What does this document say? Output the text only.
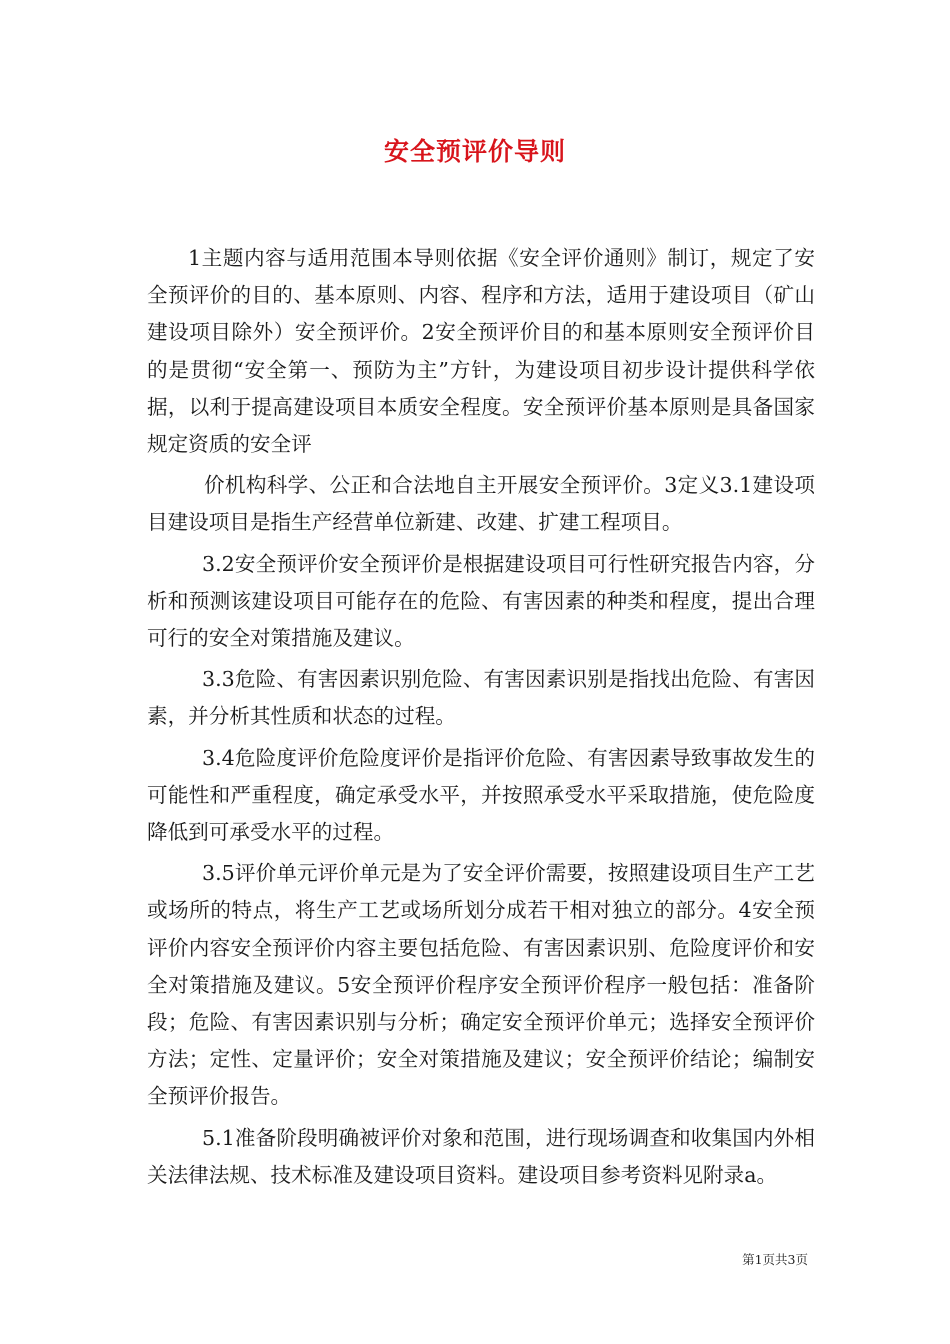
安全预评价导则

1主题内容与适用范围本导则依据《安全评价通则》制订，规定了安全预评价的目的、基本原则、内容、程序和方法，适用于建设项目（矿山建设项目除外）安全预评价。2安全预评价目的和基本原则安全预评价目的是贯彻“安全第一、预防为主”方针，为建设项目初步设计提供科学依据，以利于提高建设项目本质安全程度。安全预评价基本原则是具备国家规定资质的安全评

价机构科学、公正和合法地自主开展安全预评价。3定义3.1建设项目建设项目是指生产经营单位新建、改建、扩建工程项目。

3.2安全预评价安全预评价是根据建设项目可行性研究报告内容，分析和预测该建设项目可能存在的危险、有害因素的种类和程度，提出合理可行的安全对策措施及建议。

3.3危险、有害因素识别危险、有害因素识别是指找出危险、有害因素，并分析其性质和状态的过程。

3.4危险度评价危险度评价是指评价危险、有害因素导致事故发生的可能性和严重程度，确定承受水平，并按照承受水平采取措施，使危险度降低到可承受水平的过程。

3.5评价单元评价单元是为了安全评价需要，按照建设项目生产工艺或场所的特点，将生产工艺或场所划分成若干相对独立的部分。4安全预评价内容安全预评价内容主要包括危险、有害因素识别、危险度评价和安全对策措施及建议。5安全预评价程序安全预评价程序一般包括：准备阶段；危险、有害因素识别与分析；确定安全预评价单元；选择安全预评价方法；定性、定量评价；安全对策措施及建议；安全预评价结论；编制安全预评价报告。

5.1准备阶段明确被评价对象和范围，进行现场调查和收集国内外相关法律法规、技术标准及建设项目资料。建设项目参考资料见附录a。

第1页共3页
